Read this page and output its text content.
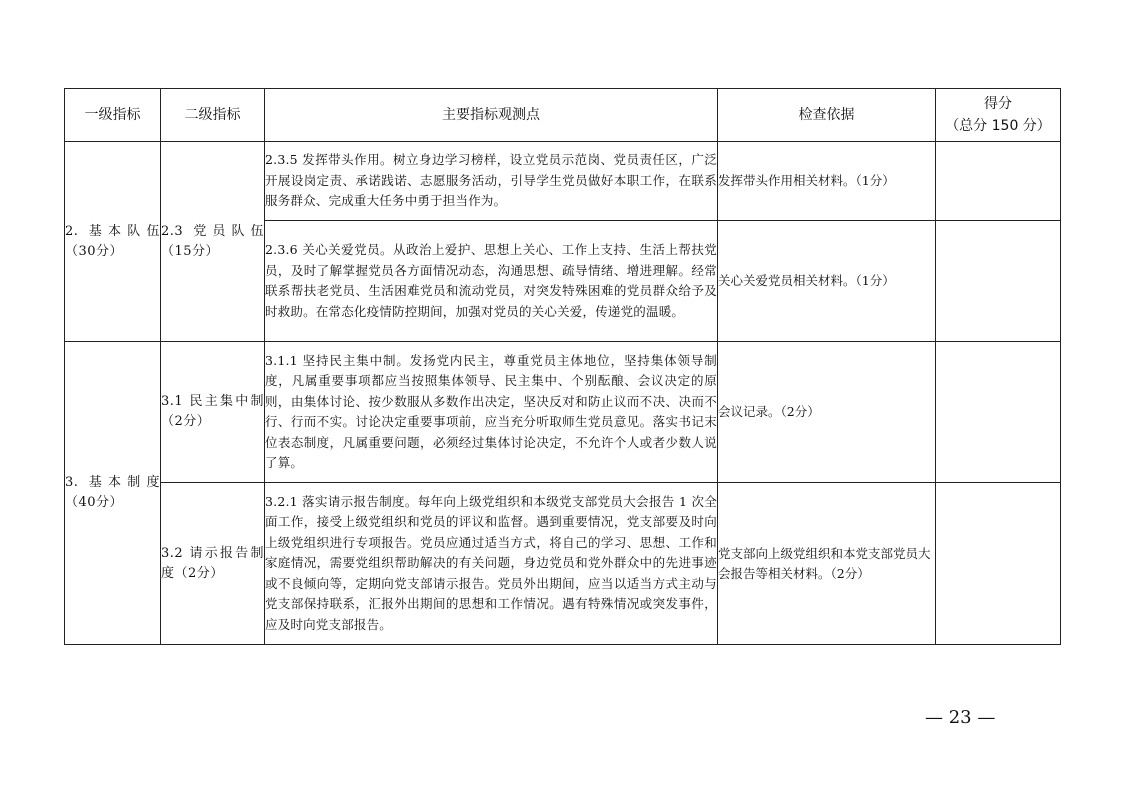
一级指标	二级指标	主要指标观测点	检查依据	得分
（总分 150 分）

2. 基本队伍（30分）	2.3 党员队伍（15分）	2.3.5 发挥带头作用。树立身边学习榜样，设立党员示范岗、党员责任区，广泛开展设岗定责、承诺践诺、志愿服务活动，引导学生党员做好本职工作，在联系服务群众、完成重大任务中勇于担当作为。	发挥带头作用相关材料。（1分）	
		2.3.6 关心关爱党员。从政治上爱护、思想上关心、工作上支持、生活上帮扶党员，及时了解掌握党员各方面情况动态，沟通思想、疏导情绪、增进理解。经常联系帮扶老党员、生活困难党员和流动党员，对突发特殊困难的党员群众给予及时救助。在常态化疫情防控期间，加强对党员的关心关爱，传递党的温暖。	关心关爱党员相关材料。（1分）	
3. 基本制度（40分）	3.1 民主集中制（2分）	3.1.1 坚持民主集中制。发扬党内民主，尊重党员主体地位，坚持集体领导制度，凡属重要事项都应当按照集体领导、民主集中、个别酝酿、会议决定的原则，由集体讨论、按少数服从多数作出决定，坚决反对和防止议而不决、决而不行、行而不实。讨论决定重要事项前，应当充分听取师生党员意见。落实书记末位表态制度，凡属重要问题，必须经过集体讨论决定，不允许个人或者少数人说了算。	会议记录。（2分）	
	3.2 请示报告制度（2分）	3.2.1 落实请示报告制度。每年向上级党组织和本级党支部党员大会报告 1 次全面工作，接受上级党组织和党员的评议和监督。遇到重要情况，党支部要及时向上级党组织进行专项报告。党员应通过适当方式，将自己的学习、思想、工作和家庭情况，需要党组织帮助解决的有关问题，身边党员和党外群众中的先进事迹或不良倾向等，定期向党支部请示报告。党员外出期间，应当以适当方式主动与党支部保持联系，汇报外出期间的思想和工作情况。遇有特殊情况或突发事件，应及时向党支部报告。	党支部向上级党组织和本党支部党员大会报告等相关材料。（2分）	
— 23 —
